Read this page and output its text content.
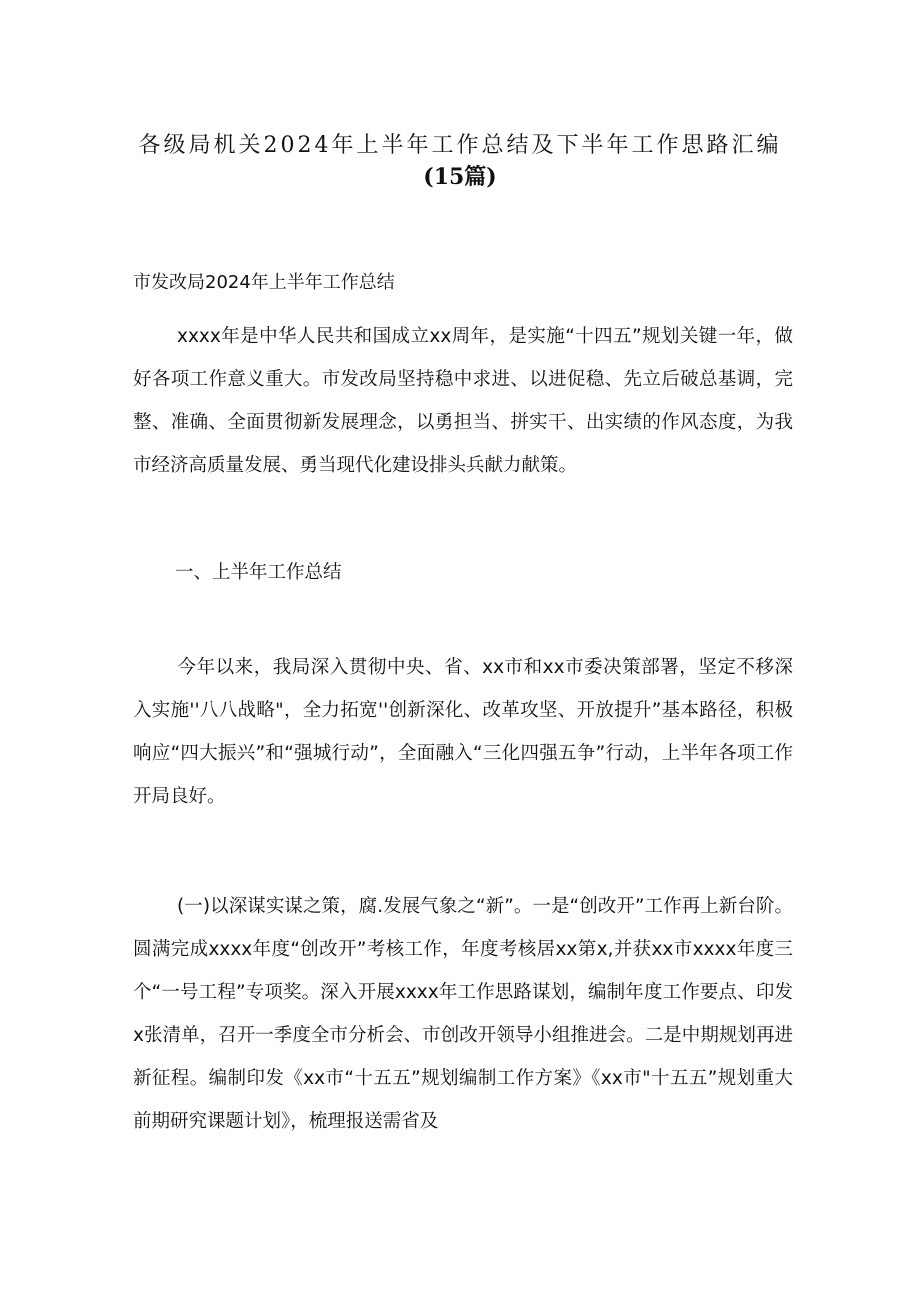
各级局机关2024年上半年工作总结及下半年工作思路汇编
(15篇)
市发改局2024年上半年工作总结
xxxx年是中华人民共和国成立xx周年，是实施“十四五”规划关键一年，做好各项工作意义重大。市发改局坚持稳中求进、以进促稳、先立后破总基调，完整、准确、全面贯彻新发展理念，以勇担当、拼实干、出实绩的作风态度，为我市经济高质量发展、勇当现代化建设排头兵献力献策。
一、上半年工作总结
今年以来，我局深入贯彻中央、省、xx市和xx市委决策部署，坚定不移深入实施''八八战略"，全力拓宽''创新深化、改革攻坚、开放提升”基本路径，积极响应“四大振兴”和“强城行动”，全面融入“三化四强五争”行动，上半年各项工作开局良好。
(一)以深谋实谋之策，腐.发展气象之“新”。一是“创改开”工作再上新台阶。圆满完成xxxx年度“创改开”考核工作，年度考核居xx第x,并获xx市xxxx年度三个“一号工程”专项奖。深入开展xxxx年工作思路谋划，编制年度工作要点、印发x张清单，召开一季度全市分析会、市创改开领导小组推进会。二是中期规划再进新征程。编制印发《xx市“十五五”规划编制工作方案》《xx市"十五五”规划重大前期研究课题计划》，梳理报送需省及
